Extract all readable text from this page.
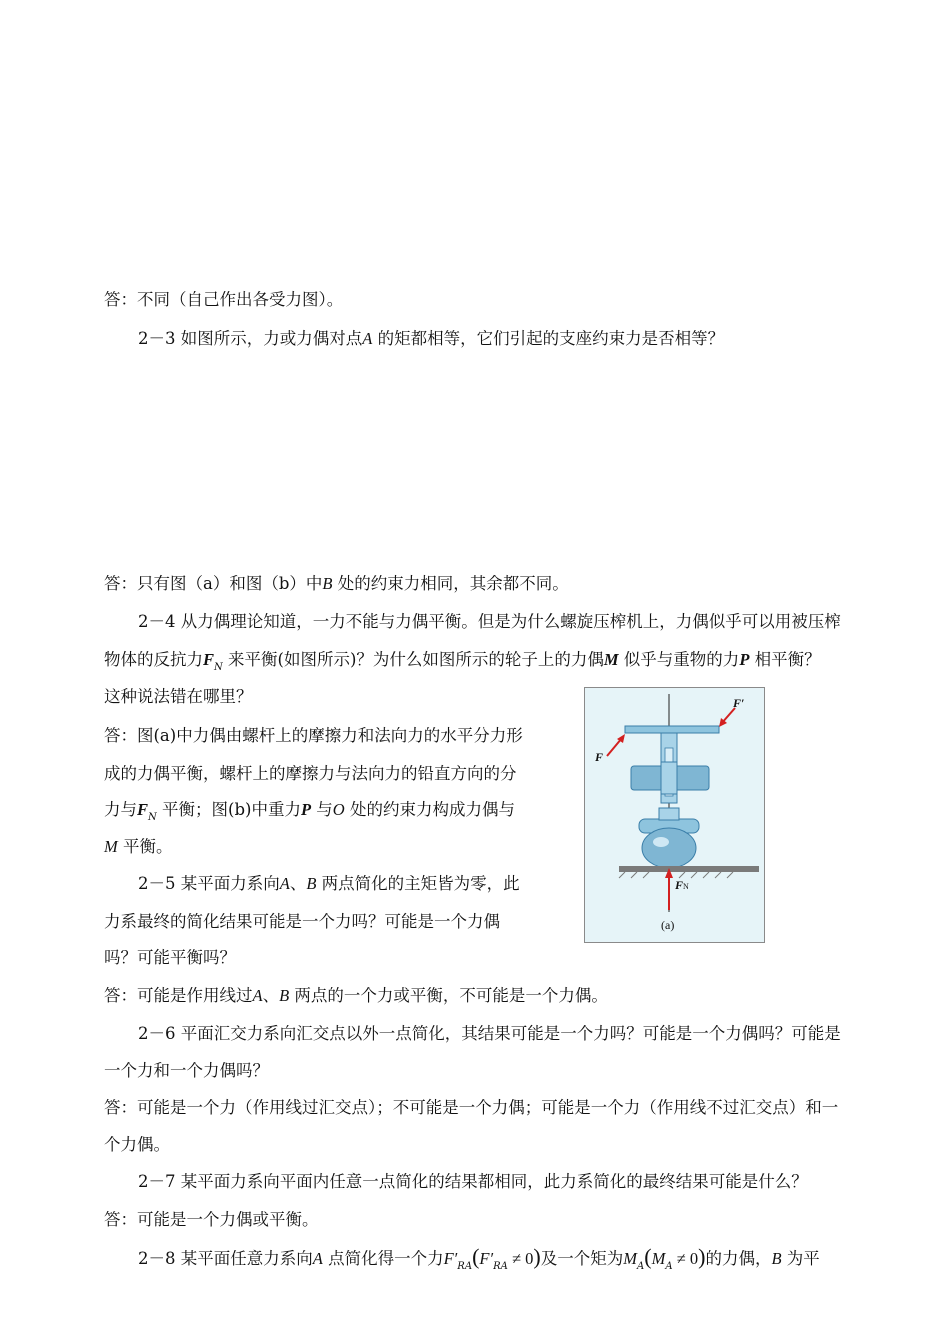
答：不同（自己作出各受力图）。
2－3 如图所示，力或力偶对点A 的矩都相等，它们引起的支座约束力是否相等？
答：只有图（a）和图（b）中B 处的约束力相同，其余都不同。
2－4 从力偶理论知道，一力不能与力偶平衡。但是为什么螺旋压榨机上，力偶似乎可以用被压榨
物体的反抗力$F_N$ 来平衡(如图所示)？为什么如图所示的轮子上的力偶M 似乎与重物的力P 相平衡？
这种说法错在哪里？
答：图(a)中力偶由螺杆上的摩擦力和法向力的水平分力形
成的力偶平衡，螺杆上的摩擦力与法向力的铅直方向的分
力与$F_N$ 平衡；图(b)中重力P 与O 处的约束力构成力偶与
M 平衡。
2－5 某平面力系向A、B 两点简化的主矩皆为零，此
力系最终的简化结果可能是一个力吗？可能是一个力偶
吗？可能平衡吗？
答：可能是作用线过A、B 两点的一个力或平衡，不可能是一个力偶。
2－6 平面汇交力系向汇交点以外一点简化，其结果可能是一个力吗？可能是一个力偶吗？可能是
一个力和一个力偶吗？
答：可能是一个力（作用线过汇交点）；不可能是一个力偶；可能是一个力（作用线不过汇交点）和一
个力偶。
2－7 某平面力系向平面内任意一点简化的结果都相同，此力系简化的最终结果可能是什么？
答：可能是一个力偶或平衡。
2－8 某平面任意力系向A 点简化得一个力$F'_{RA}(F'_{RA} \ne 0)$及一个矩为$M_A(M_A \ne 0)$的力偶，B 为平
F′
F
FN
(a)
